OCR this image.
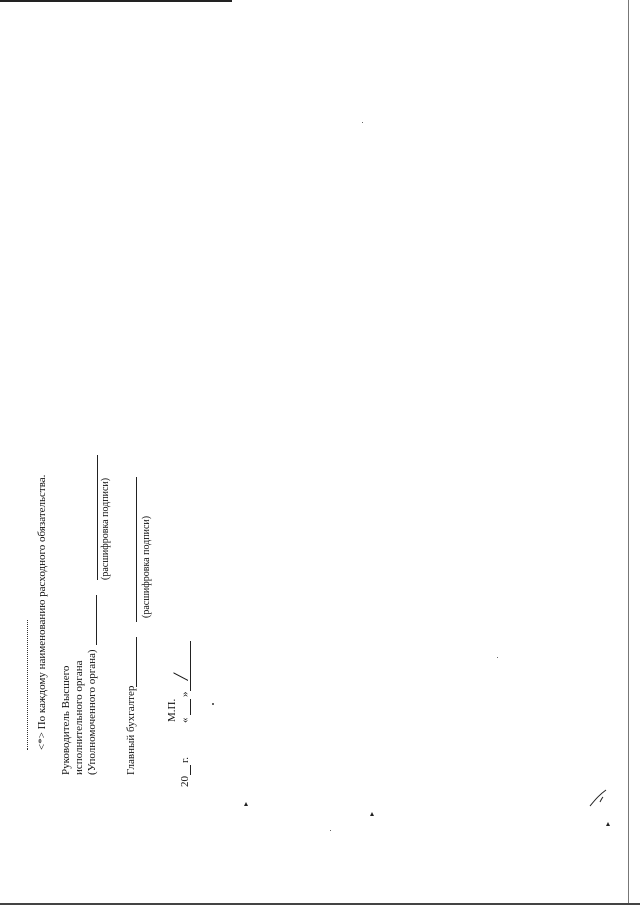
<*> По каждому наименованию расходного обязательства. Руководитель Высшего исполнительного органа (Уполномоченного органа)
(расшифровка подписи)
Главный бухгалтер
(расшифровка подписи)
М.П. «
»
/
20
г.
